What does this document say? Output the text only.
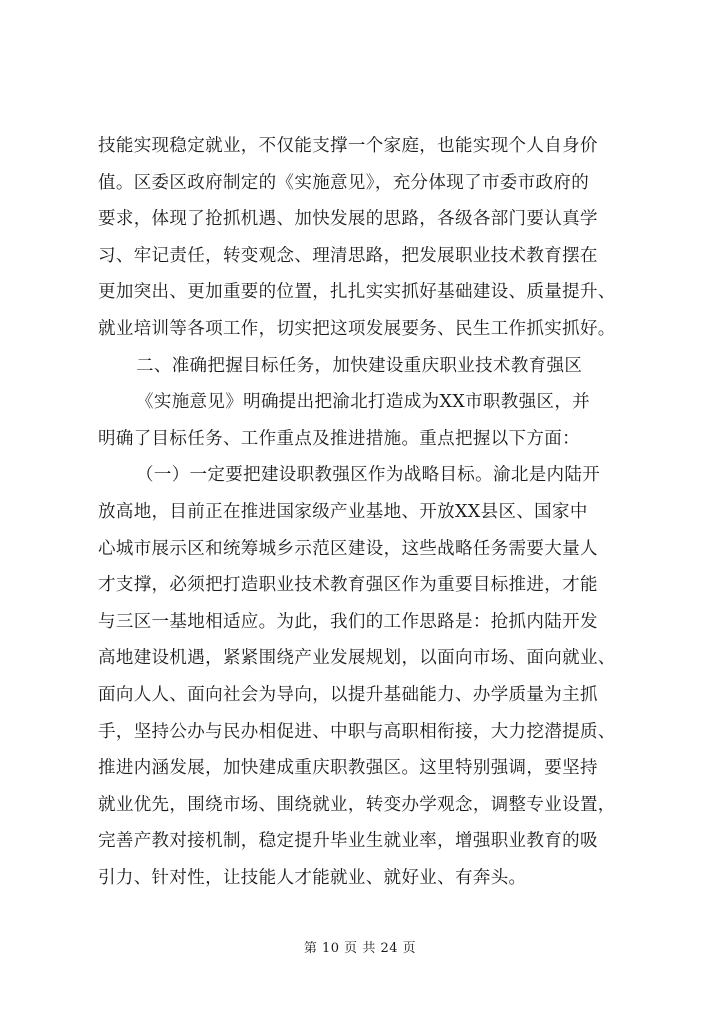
技能实现稳定就业，不仅能支撑一个家庭，也能实现个人自身价
值。区委区政府制定的《实施意见》，充分体现了市委市政府的
要求，体现了抢抓机遇、加快发展的思路，各级各部门要认真学
习、牢记责任，转变观念、理清思路，把发展职业技术教育摆在
更加突出、更加重要的位置，扎扎实实抓好基础建设、质量提升、
就业培训等各项工作，切实把这项发展要务、民生工作抓实抓好。
二、准确把握目标任务，加快建设重庆职业技术教育强区
《实施意见》明确提出把渝北打造成为XX市职教强区，并
明确了目标任务、工作重点及推进措施。重点把握以下方面：
（一）一定要把建设职教强区作为战略目标。渝北是内陆开
放高地，目前正在推进国家级产业基地、开放XX县区、国家中
心城市展示区和统筹城乡示范区建设，这些战略任务需要大量人
才支撑，必须把打造职业技术教育强区作为重要目标推进，才能
与三区一基地相适应。为此，我们的工作思路是：抢抓内陆开发
高地建设机遇，紧紧围绕产业发展规划，以面向市场、面向就业、
面向人人、面向社会为导向，以提升基础能力、办学质量为主抓
手，坚持公办与民办相促进、中职与高职相衔接，大力挖潜提质、
推进内涵发展，加快建成重庆职教强区。这里特别强调，要坚持
就业优先，围绕市场、围绕就业，转变办学观念，调整专业设置，
完善产教对接机制，稳定提升毕业生就业率，增强职业教育的吸
引力、针对性，让技能人才能就业、就好业、有奔头。
第 10 页 共 24 页
